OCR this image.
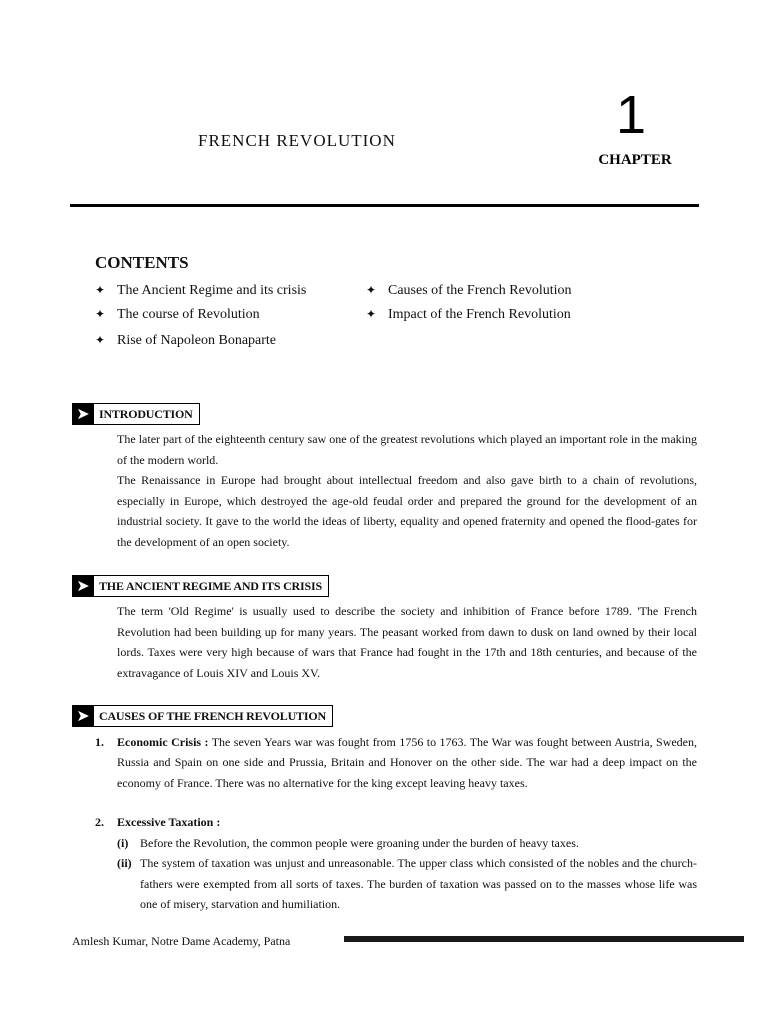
1
CHAPTER
FRENCH REVOLUTION
CONTENTS
✦ The Ancient Regime and its crisis	✦ Causes of the French Revolution
✦ The course of Revolution	✦ Impact of the French Revolution
✦ Rise of Napoleon Bonaparte
➤ INTRODUCTION

The later part of the eighteenth century saw one of the greatest revolutions which played an important role in the making of the modern world.

The Renaissance in Europe had brought about intellectual freedom and also gave birth to a chain of revolutions, especially in Europe, which destroyed the age-old feudal order and prepared the ground for the development of an industrial society. It gave to the world the ideas of liberty, equality and opened fraternity and opened the flood-gates for the development of an open society.

➤ THE ANCIENT REGIME AND ITS CRISIS

The term 'Old Regime' is usually used to describe the society and inhibition of France before 1789. 'The French Revolution had been building up for many years. The peasant worked from dawn to dusk on land owned by their local lords. Taxes were very high because of wars that France had fought in the 17th and 18th centuries, and because of the extravagance of Louis XIV and Louis XV.

➤ CAUSES OF THE FRENCH REVOLUTION
1. Economic Crisis : The seven Years war was fought from 1756 to 1763. The War was fought between Austria, Sweden, Russia and Spain on one side and Prussia, Britain and Honover on the other side. The war had a deep impact on the economy of France. There was no alternative for the king except leaving heavy taxes.
2. Excessive Taxation :
(i) Before the Revolution, the common people were groaning under the burden of heavy taxes.
(ii) The system of taxation was unjust and unreasonable. The upper class which consisted of the nobles and the church-fathers were exempted from all sorts of taxes. The burden of taxation was passed on to the masses whose life was one of misery, starvation and humiliation.
Amlesh Kumar, Notre Dame Academy, Patna
